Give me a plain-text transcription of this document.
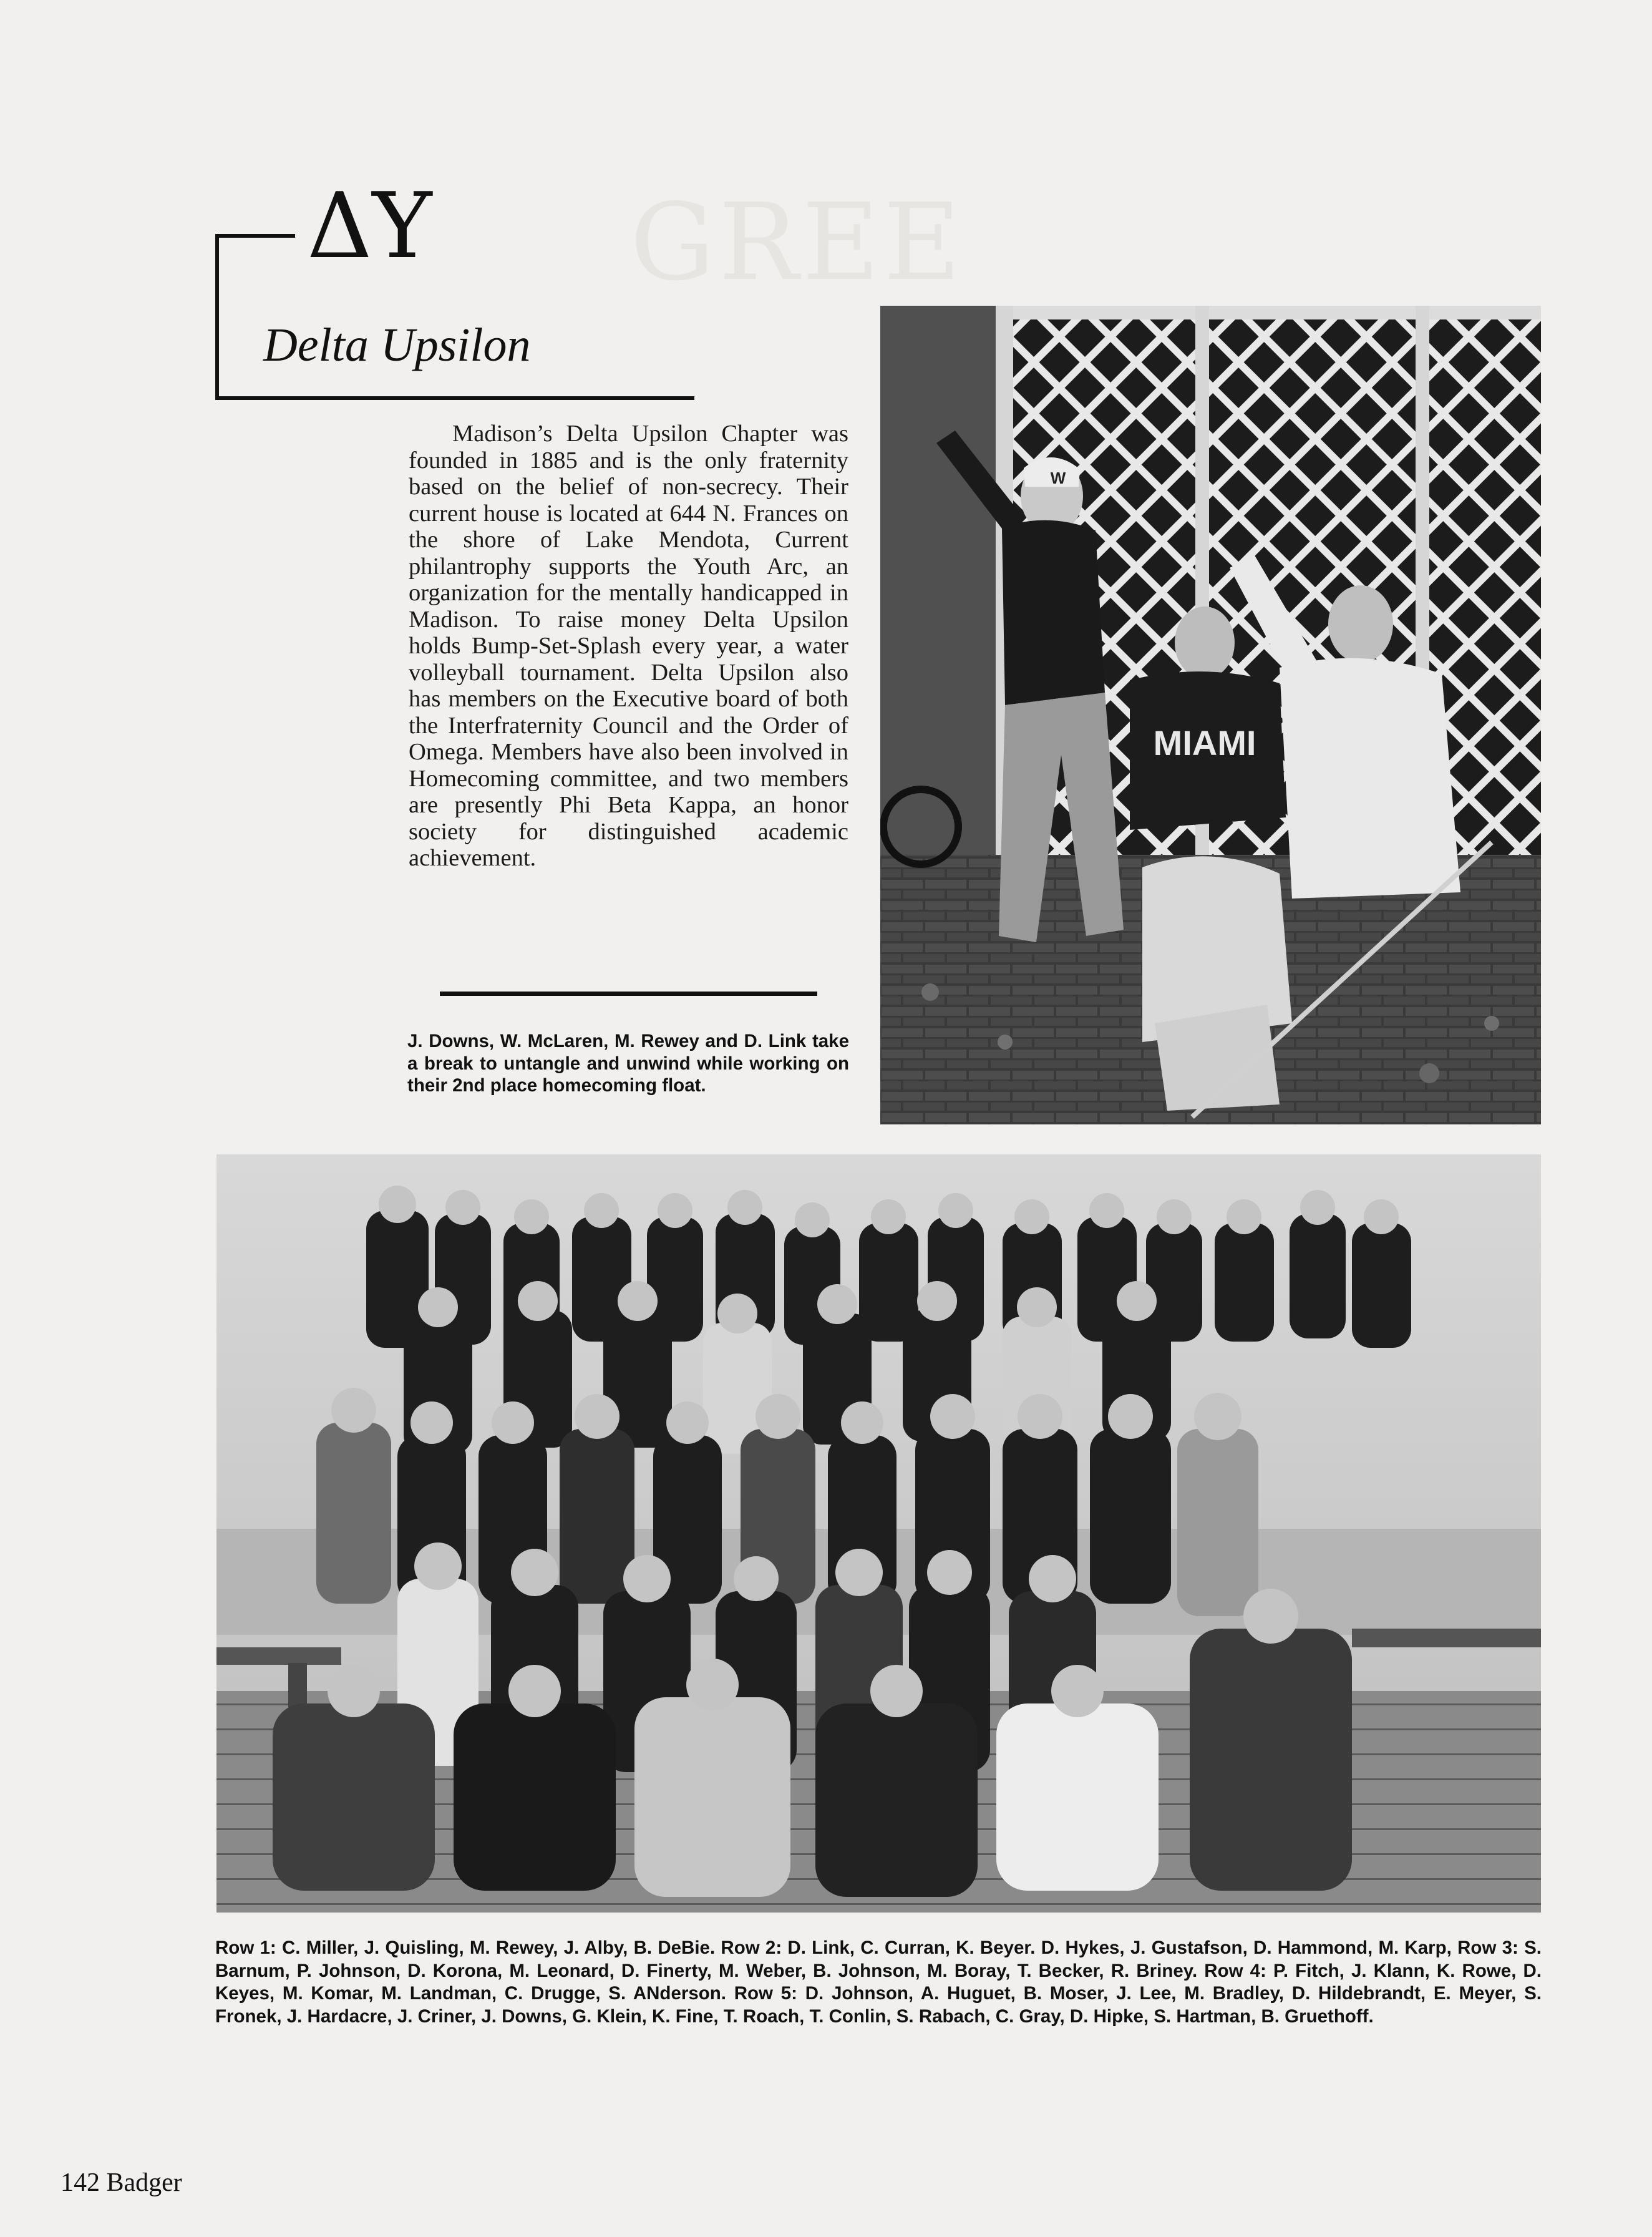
GREE
ΔY
Delta Upsilon
Madison’s Delta Upsilon Chapter was founded in 1885 and is the only fraternity based on the belief of non-secrecy. Their current house is located at 644 N. Frances on the shore of Lake Mendota, Current philantrophy supports the Youth Arc, an organization for the mentally handicapped in Madison. To raise money Delta Upsilon holds Bump-Set-Splash every year, a water volleyball tournament. Delta Upsilon also has members on the Executive board of both the Interfraternity Council and the Order of Omega. Members have also been involved in Homecoming committee, and two members are presently Phi Beta Kappa, an honor society for distinguished academic achievement.
MIAMI
W
J. Downs, W. McLaren, M. Rewey and D. Link take a break to untangle and unwind while working on their 2nd place homecoming float.
Row 1: C. Miller, J. Quisling, M. Rewey, J. Alby, B. DeBie. Row 2: D. Link, C. Curran, K. Beyer. D. Hykes, J. Gustafson, D. Hammond, M. Karp, Row 3: S. Barnum, P. Johnson, D. Korona, M. Leonard, D. Finerty, M. Weber, B. Johnson, M. Boray, T. Becker, R. Briney. Row 4: P. Fitch, J. Klann, K. Rowe, D. Keyes, M. Komar, M. Landman, C. Drugge, S. ANderson. Row 5: D. Johnson, A. Huguet, B. Moser, J. Lee, M. Bradley, D. Hildebrandt, E. Meyer, S. Fronek, J. Hardacre, J. Criner, J. Downs, G. Klein, K. Fine, T. Roach, T. Conlin, S. Rabach, C. Gray, D. Hipke, S. Hartman, B. Gruethoff.
142 Badger
